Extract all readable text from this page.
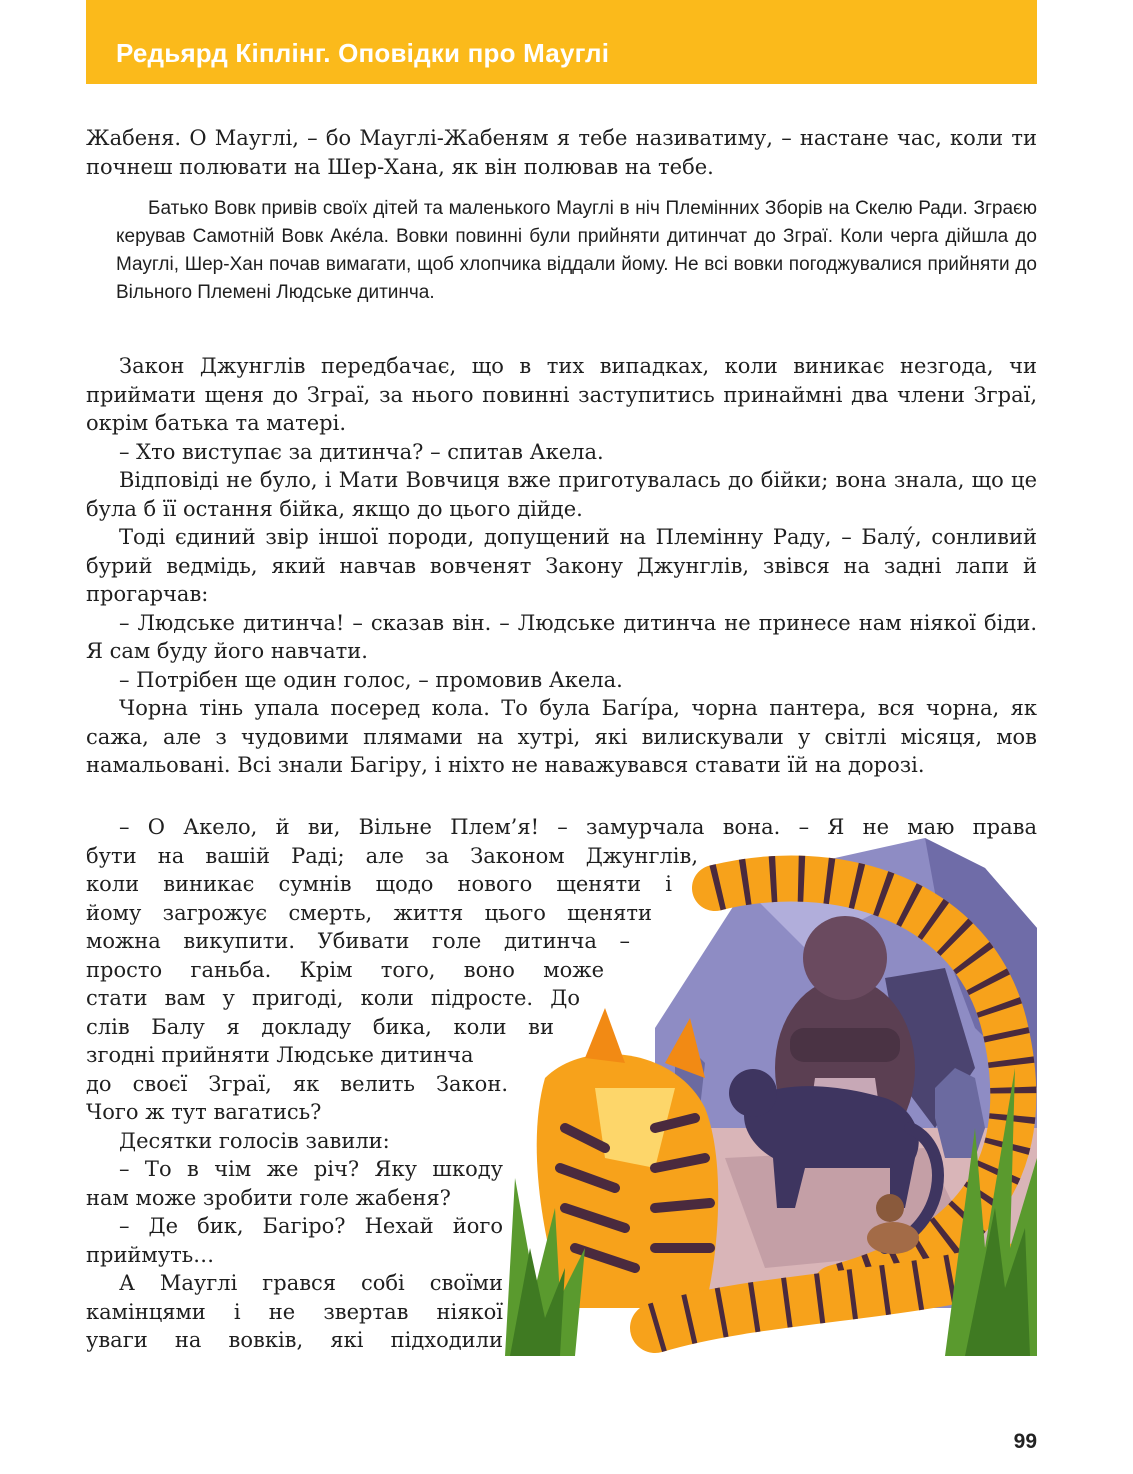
Редьярд Кіплінг. Оповідки про Мауглі

Жабеня. О Мауглі, – бо Мауглі-Жабеням я тебе називатиму, – настане час, коли ти почнеш полювати на Шер-Хана, як він полював на тебе.

Батько Вовк привів своїх дітей та маленького Мауглі в ніч Племінних Зборів на Скелю Ради. Зграєю керував Самотній Вовк Аке́ла. Вовки повинні були прийняти дитинчат до Зграї. Коли черга дійшла до Мауглі, Шер-Хан почав вимагати, щоб хлопчика віддали йому. Не всі вовки погоджувалися прийняти до Вільного Племені Людське дитинча.

Закон Джунглів передбачає, що в тих випадках, коли виникає незгода, чи приймати щеня до Зграї, за нього повинні заступитись принаймні два члени Зграї, окрім батька та матері.

– Хто виступає за дитинча? – спитав Акела.

Відповіді не було, і Мати Вовчиця вже приготувалась до бійки; вона знала, що це була б її остання бійка, якщо до цього дійде.

Тоді єдиний звір іншої породи, допущений на Племінну Раду, – Балу́, сонливий бурий ведмідь, який навчав вовченят Закону Джунглів, звівся на задні лапи й прогарчав:

– Людське дитинча! – сказав він. – Людське дитинча не принесе нам ніякої біди. Я сам буду його навчати.

– Потрібен ще один голос, – промовив Акела.

Чорна тінь упала посеред кола. То була Багі́ра, чорна пантера, вся чорна, як сажа, але з чудовими плямами на хутрі, які вилискували у світлі місяця, мов намальовані. Всі знали Багіру, і ніхто не наважувався ставати їй на дорозі.

– О Акело, й ви, Вільне Плем’я! – замурчала вона. – Я не маю права
бути на вашій Раді; але за Законом Джунглів,
коли виникає сумнів щодо нового щеняти і
йому загрожує смерть, життя цього щеняти
можна викупити. Убивати голе дитинча –
просто ганьба. Крім того, воно може
стати вам у пригоді, коли підросте. До
слів Балу я докладу бика, коли ви
згодні прийняти Людське дитинча
до своєї Зграї, як велить Закон.
Чого ж тут вагатись?
Десятки голосів завили:
– То в чім же річ? Яку шкоду
нам може зробити голе жабеня?
– Де бик, Багіро? Нехай його
приймуть…
А Мауглі грався собі своїми
камінцями і не звертав ніякої
уваги на вовків, які підходили
99
